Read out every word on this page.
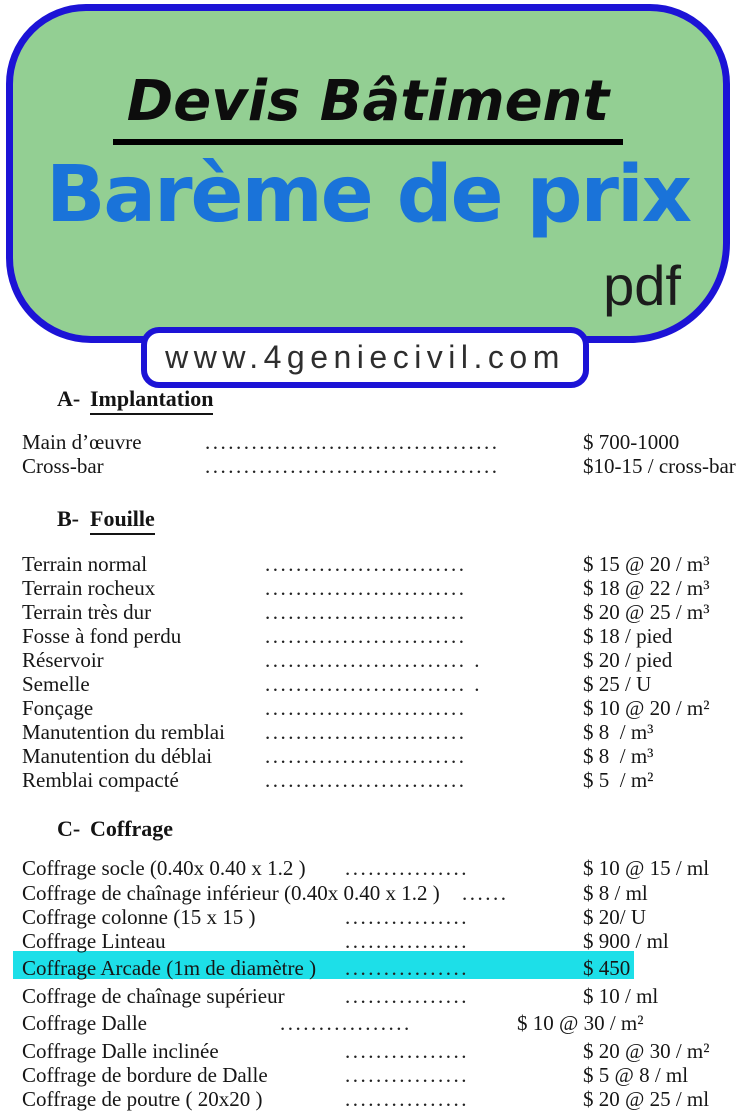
Devis Bâtiment
Barème de prix
pdf
www.4geniecivil.com
A- Implantation
Main d’œuvre	......................................	$ 700-1000
Cross-bar	......................................	$10-15 / cross-bar
B- Fouille
Terrain normal	..........................	$ 15 @ 20 / m³
Terrain rocheux	..........................	$ 18 @ 22 / m³
Terrain très dur	..........................	$ 20 @ 25 / m³
Fosse à fond perdu	..........................	$ 18 / pied
Réservoir	.......................... .	$ 20 / pied
Semelle	.......................... .	$ 25 / U
Fonçage	..........................	$ 10 @ 20 / m²
Manutention du remblai ..........................	$ 8  / m³
Manutention du déblai	..........................	$ 8  / m³
Remblai compacté	..........................	$ 5  / m²
C- Coffrage
Coffrage socle (0.40x 0.40 x 1.2 ) ................	$ 10 @ 15 / ml
Coffrage de chaînage inférieur (0.40x 0.40 x 1.2 ) ......	$ 8 / ml
Coffrage colonne (15 x 15 )	................	$ 20/ U
Coffrage Linteau	................	$ 900 / ml
Coffrage Arcade (1m de diamètre ) ................	$ 450
Coffrage de chaînage supérieur	................	$ 10 / ml
Coffrage Dalle	.................	$ 10 @ 30 / m²
Coffrage Dalle inclinée	................	$ 20 @ 30 / m²
Coffrage de bordure de Dalle	................	$ 5 @ 8 / ml
Coffrage de poutre ( 20x20 )	................	$ 20 @ 25 / ml
